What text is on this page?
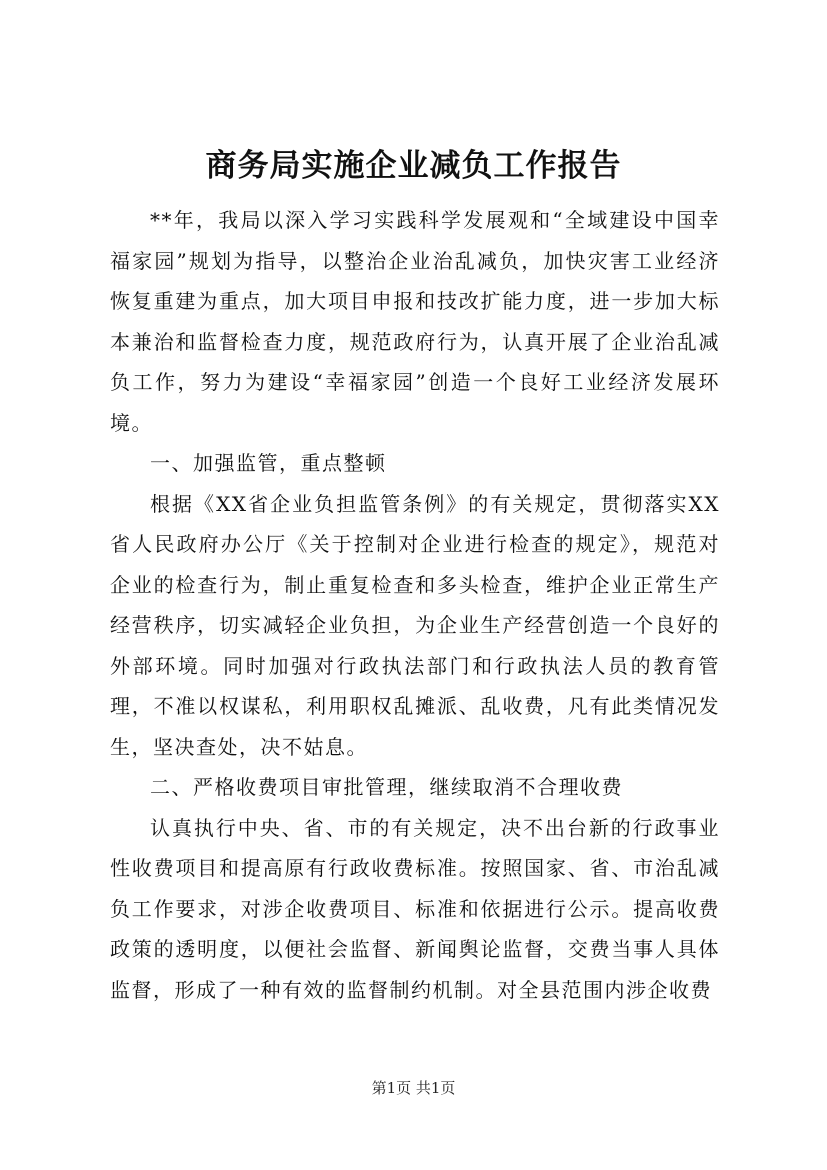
商务局实施企业减负工作报告

**年，我局以深入学习实践科学发展观和“全域建设中国幸福家园”规划为指导，以整治企业治乱减负，加快灾害工业经济恢复重建为重点，加大项目申报和技改扩能力度，进一步加大标本兼治和监督检查力度，规范政府行为，认真开展了企业治乱减负工作，努力为建设“幸福家园”创造一个良好工业经济发展环境。

一、加强监管，重点整顿

根据《XX省企业负担监管条例》的有关规定，贯彻落实XX省人民政府办公厅《关于控制对企业进行检查的规定》，规范对企业的检查行为，制止重复检查和多头检查，维护企业正常生产经营秩序，切实减轻企业负担，为企业生产经营创造一个良好的外部环境。同时加强对行政执法部门和行政执法人员的教育管理，不准以权谋私，利用职权乱摊派、乱收费，凡有此类情况发生，坚决查处，决不姑息。

二、严格收费项目审批管理，继续取消不合理收费

认真执行中央、省、市的有关规定，决不出台新的行政事业性收费项目和提高原有行政收费标准。按照国家、省、市治乱减负工作要求，对涉企收费项目、标准和依据进行公示。提高收费政策的透明度，以便社会监督、新闻舆论监督，交费当事人具体监督，形成了一种有效的监督制约机制。对全县范围内涉企收费

第1页 共1页
